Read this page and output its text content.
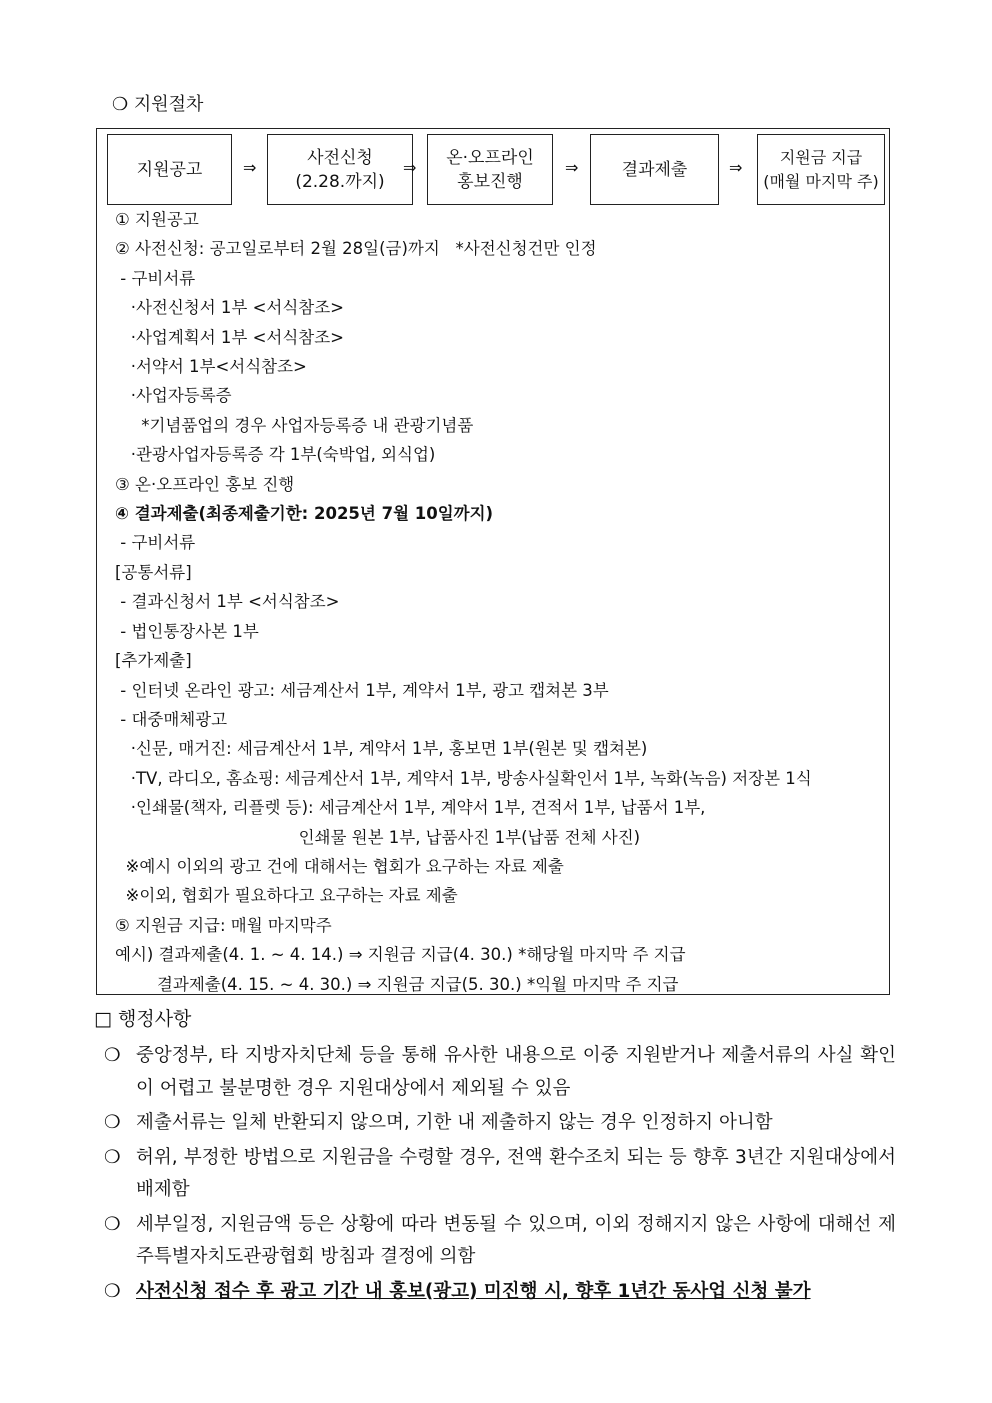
❍ 지원절차
지원공고	⇒	사전신청
(2.28.까지)
⇒ 온·오프라인
홍보진행
⇒	결과제출	⇒
지원금 지급
(매월 마지막 주)
① 지원공고
② 사전신청: 공고일로부터 2월 28일(금)까지   *사전신청건만 인정
- 구비서류
·사전신청서 1부 <서식참조>
·사업계획서 1부 <서식참조>
·서약서 1부<서식참조>
·사업자등록증
*기념품업의 경우 사업자등록증 내 관광기념품
·관광사업자등록증 각 1부(숙박업, 외식업)
③ 온·오프라인 홍보 진행
④ 결과제출(최종제출기한: 2025년 7월 10일까지)
- 구비서류
[공통서류]
- 결과신청서 1부 <서식참조>
- 법인통장사본 1부
[추가제출]
- 인터넷 온라인 광고: 세금계산서 1부, 계약서 1부, 광고 캡쳐본 3부
- 대중매체광고
·신문, 매거진: 세금계산서 1부, 계약서 1부, 홍보면 1부(원본 및 캡쳐본)
·TV, 라디오, 홈쇼핑: 세금계산서 1부, 계약서 1부, 방송사실확인서 1부, 녹화(녹음) 저장본 1식
·인쇄물(책자, 리플렛 등): 세금계산서 1부, 계약서 1부, 견적서 1부, 납품서 1부,
인쇄물 원본 1부, 납품사진 1부(납품 전체 사진)
※예시 이외의 광고 건에 대해서는 협회가 요구하는 자료 제출
※이외, 협회가 필요하다고 요구하는 자료 제출
⑤ 지원금 지급: 매월 마지막주
예시) 결과제출(4. 1. ~ 4. 14.) ⇒ 지원금 지급(4. 30.) *해당월 마지막 주 지급
결과제출(4. 15. ~ 4. 30.) ⇒ 지원금 지급(5. 30.) *익월 마지막 주 지급
□ 행정사항
❍ 중앙정부, 타 지방자치단체 등을 통해 유사한 내용으로 이중 지원받거나 제출서류의 사실 확인이 어렵고 불분명한 경우 지원대상에서 제외될 수 있음
❍ 제출서류는 일체 반환되지 않으며, 기한 내 제출하지 않는 경우 인정하지 아니함
❍ 허위, 부정한 방법으로 지원금을 수령할 경우, 전액 환수조치 되는 등 향후 3년간 지원대상에서 배제함
❍ 세부일정, 지원금액 등은 상황에 따라 변동될 수 있으며, 이외 정해지지 않은 사항에 대해선 제주특별자치도관광협회 방침과 결정에 의함
❍ 사전신청 접수 후 광고 기간 내 홍보(광고) 미진행 시, 향후 1년간 동사업 신청 불가
